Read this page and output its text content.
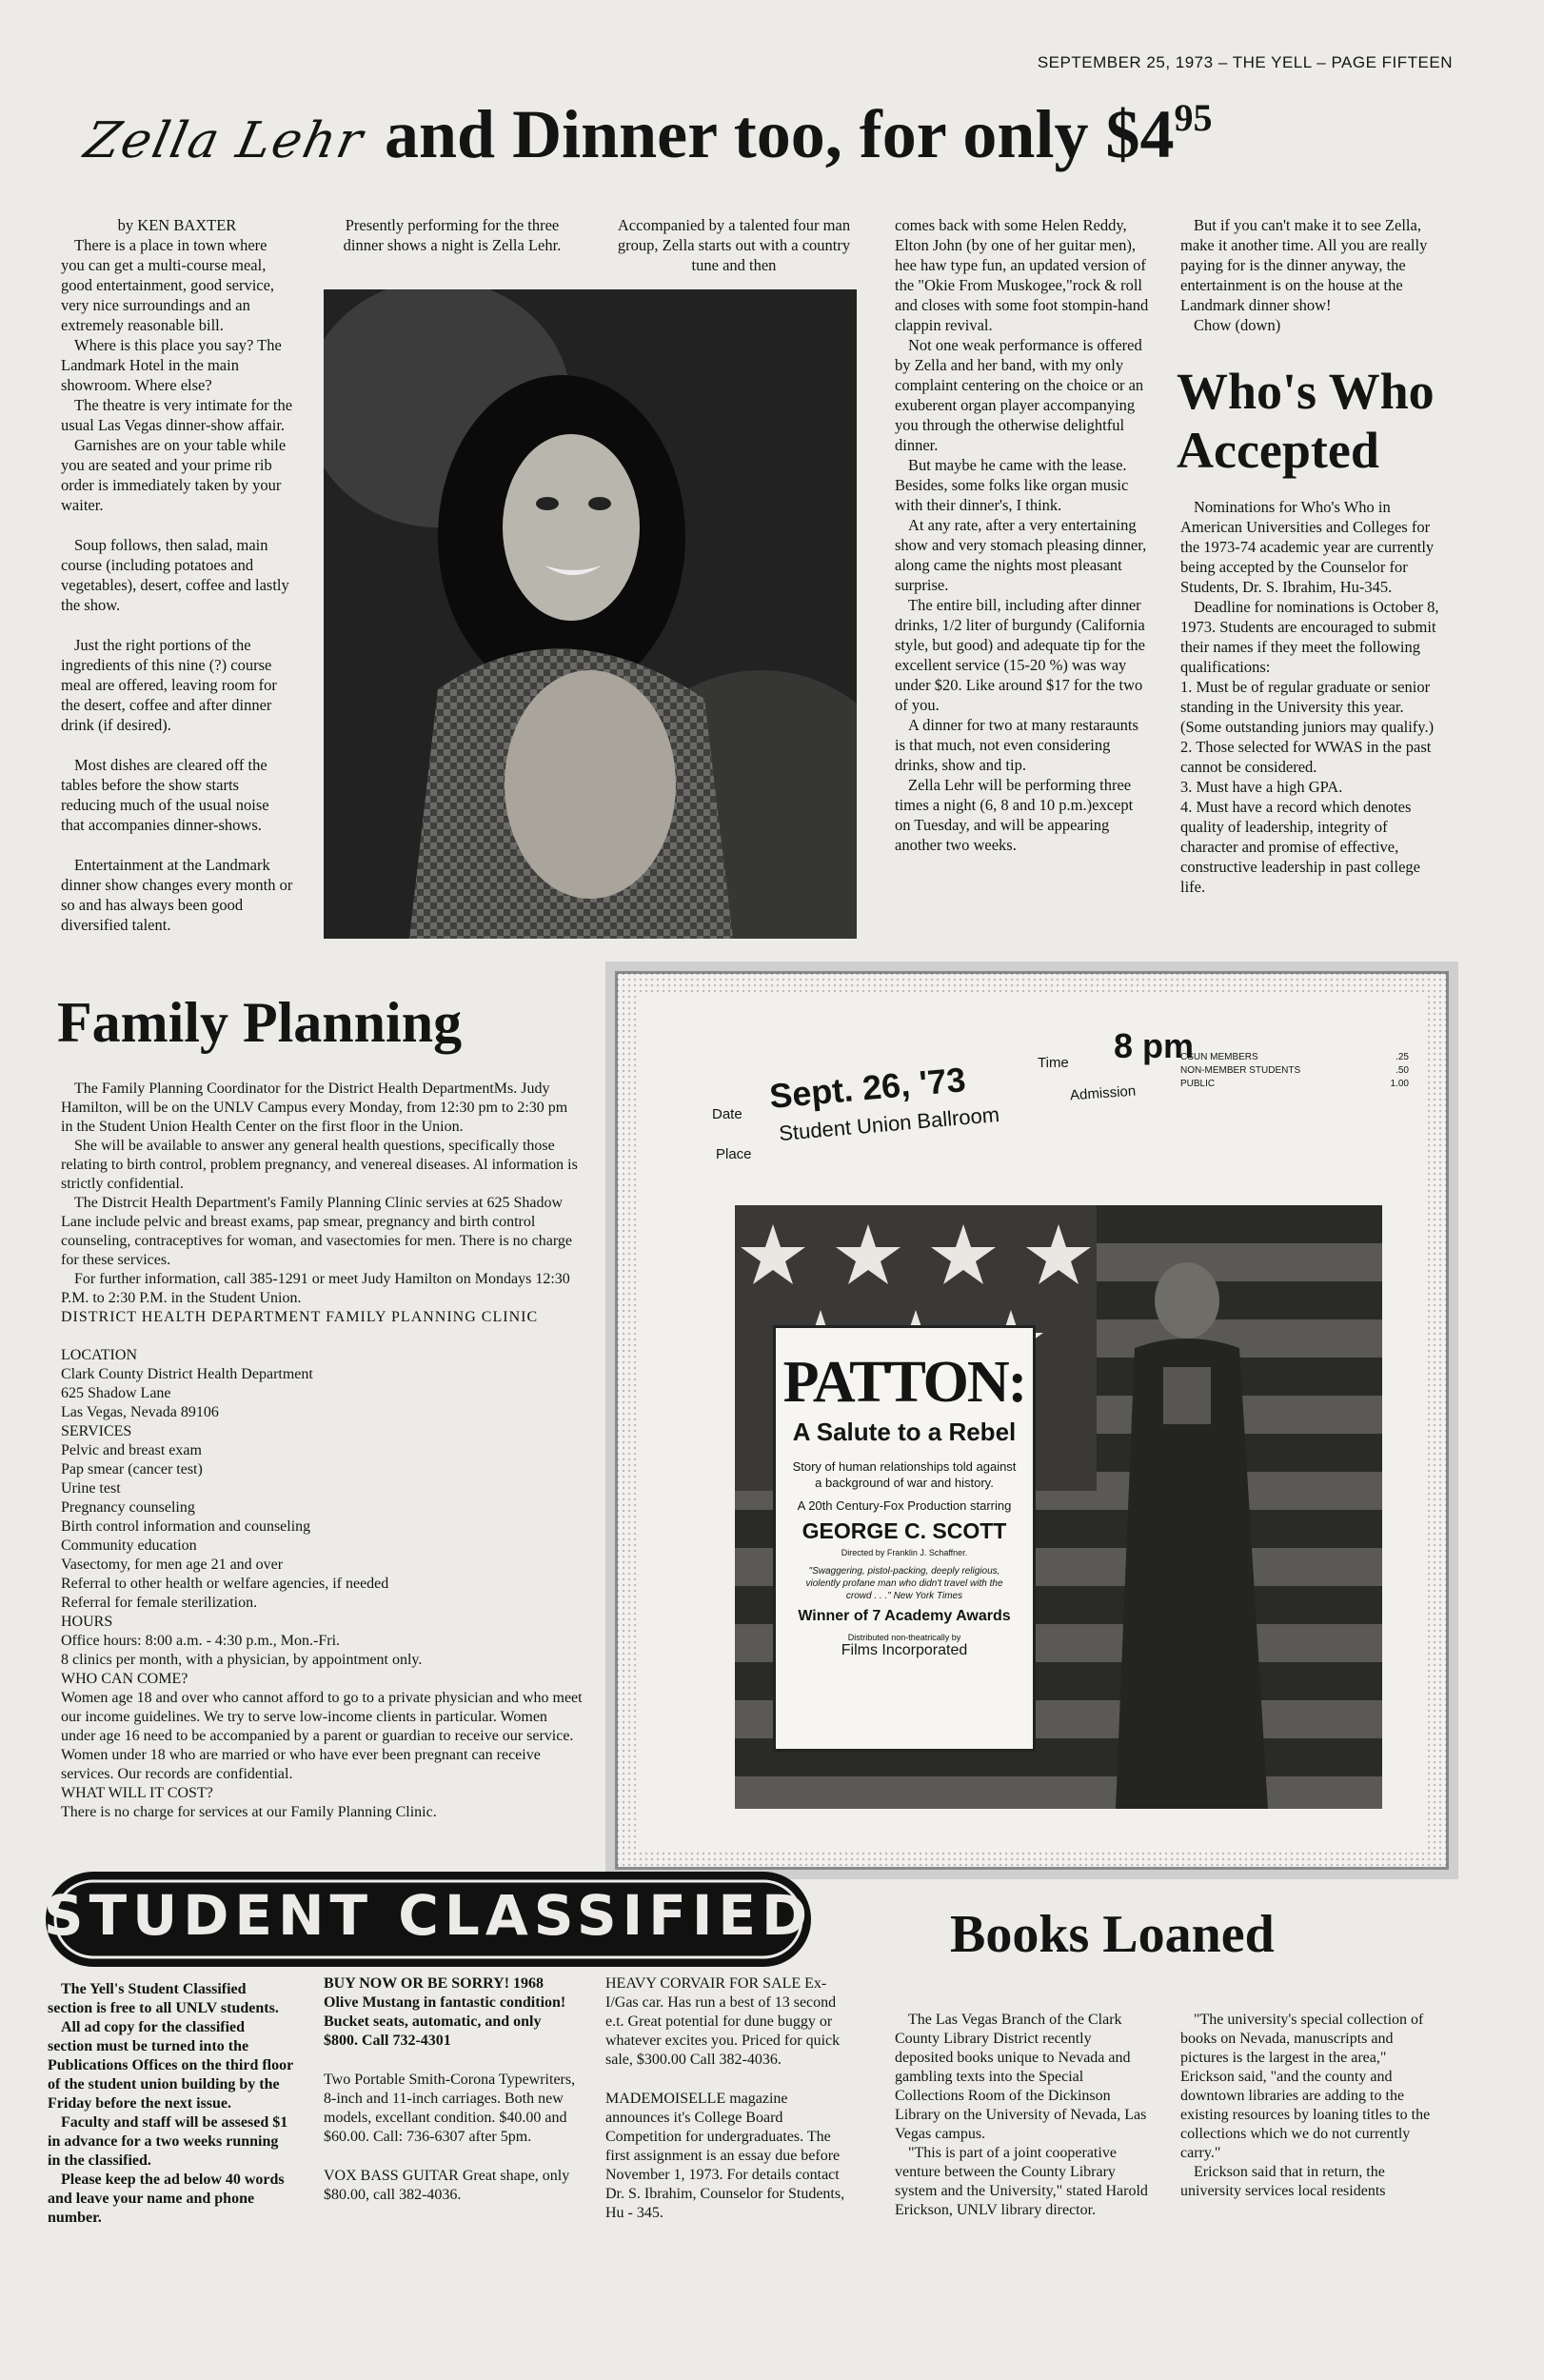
SEPTEMBER 25, 1973 – THE YELL – PAGE FIFTEEN
Zella Lehr and Dinner too, for only $\$4^{95}$

by KEN BAXTER

There is a place in town where you can get a multi-course meal, good entertainment, good service, very nice surroundings and an extremely reasonable bill.

Where is this place you say? The Landmark Hotel in the main showroom. Where else?

The theatre is very intimate for the usual Las Vegas dinner-show affair.

Garnishes are on your table while you are seated and your prime rib order is immediately taken by your waiter.

Soup follows, then salad, main course (including potatoes and vegetables), desert, coffee and lastly the show.

Just the right portions of the ingredients of this nine (?) course meal are offered, leaving room for the desert, coffee and after dinner drink (if desired).

Most dishes are cleared off the tables before the show starts reducing much of the usual noise that accompanies dinner-shows.

Entertainment at the Landmark dinner show changes every month or so and has always been good diversified talent.

Presently performing for the three dinner shows a night is Zella Lehr.

Accompanied by a talented four man group, Zella starts out with a country tune and then

comes back with some Helen Reddy, Elton John (by one of her guitar men), hee haw type fun, an updated version of the "Okie From Muskogee,"rock & roll and closes with some foot stompin-hand clappin revival.

Not one weak performance is offered by Zella and her band, with my only complaint centering on the choice or an exuberent organ player accompanying you through the otherwise delightful dinner.

But maybe he came with the lease. Besides, some folks like organ music with their dinner's, I think.

At any rate, after a very entertaining show and very stomach pleasing dinner, along came the nights most pleasant surprise.

The entire bill, including after dinner drinks, 1/2 liter of burgundy (California style, but good) and adequate tip for the excellent service (15-20 %) was way under $20. Like around $17 for the two of you.

A dinner for two at many restaraunts is that much, not even considering drinks, show and tip.

Zella Lehr will be performing three times a night (6, 8 and 10 p.m.)except on Tuesday, and will be appearing another two weeks.

But if you can't make it to see Zella, make it another time. All you are really paying for is the dinner anyway, the entertainment is on the house at the Landmark dinner show!

Chow (down)

Who's Who
Accepted

Nominations for Who's Who in American Universities and Colleges for the 1973-74 academic year are currently being accepted by the Counselor for Students, Dr. S. Ibrahim, Hu-345.

Deadline for nominations is October 8, 1973. Students are encouraged to submit their names if they meet the following qualifications:

1. Must be of regular graduate or senior standing in the University this year. (Some outstanding juniors may qualify.)

2. Those selected for WWAS in the past cannot be considered.

3. Must have a high GPA.

4. Must have a record which denotes quality of leadership, integrity of character and promise of effective, constructive leadership in past college life.

Family Planning

The Family Planning Coordinator for the District Health DepartmentMs. Judy Hamilton, will be on the UNLV Campus every Monday, from 12:30 pm to 2:30 pm in the Student Union Health Center on the first floor in the Union.

She will be available to answer any general health questions, specifically those relating to birth control, problem pregnancy, and venereal diseases. Al information is strictly confidential.

The Distrcit Health Department's Family Planning Clinic servies at 625 Shadow Lane include pelvic and breast exams, pap smear, pregnancy and birth control counseling, contraceptives for woman, and vasectomies for men. There is no charge for these services.

For further information, call 385-1291 or meet Judy Hamilton on Mondays 12:30 P.M. to 2:30 P.M. in the Student Union.

DISTRICT HEALTH DEPARTMENT FAMILY PLANNING CLINIC

LOCATION

Clark County District Health Department

625 Shadow Lane

Las Vegas, Nevada 89106

SERVICES

Pelvic and breast exam

Pap smear (cancer test)

Urine test

Pregnancy counseling

Birth control information and counseling

Community education

Vasectomy, for men age 21 and over

Referral to other health or welfare agencies, if needed

Referral for female sterilization.

HOURS

Office hours: 8:00 a.m. - 4:30 p.m., Mon.-Fri.

8 clinics per month, with a physician, by appointment only.

WHO CAN COME?

Women age 18 and over who cannot afford to go to a private physician and who meet our income guidelines. We try to serve low-income clients in particular. Women under age 16 need to be accompanied by a parent or guardian to receive our service. Women under 18 who are married or who have ever been pregnant can receive services. Our records are confidential.

WHAT WILL IT COST?

There is no charge for services at our Family Planning Clinic.

Date Sept. 26, '73	Time 8 pm
Place
Student Union Ballroom
Admission
CSUN MEMBERS	.25
NON-MEMBER STUDENTS	.50
PUBLIC	1.00
PATTON:
A Salute to a Rebel
Story of human relationships told against a background of war and history.
A 20th Century-Fox Production starring
GEORGE C. SCOTT
Directed by Franklin J. Schaffner.
"Swaggering, pistol-packing, deeply religious, violently profane man who didn't travel with the crowd . . ." New York Times
Winner of 7 Academy Awards
Distributed non-theatrically by
Films Incorporated
STUDENT CLASSIFIED

The Yell's Student Classified section is free to all UNLV students.

All ad copy for the classified section must be turned into the Publications Offices on the third floor of the student union building by the Friday before the next issue.

Faculty and staff will be assesed $1 in advance for a two weeks running in the classified.

Please keep the ad below 40 words and leave your name and phone number.

BUY NOW OR BE SORRY! 1968 Olive Mustang in fantastic condition! Bucket seats, automatic, and only $800. Call 732-4301

Two Portable Smith-Corona Typewriters, 8-inch and 11-inch carriages. Both new models, excellant condition. $40.00 and $60.00. Call: 736-6307 after 5pm.

VOX BASS GUITAR Great shape, only $80.00, call 382-4036.

HEAVY CORVAIR FOR SALE Ex-I/Gas car. Has run a best of 13 second e.t. Great potential for dune buggy or whatever excites you. Priced for quick sale, $300.00 Call 382-4036.

MADEMOISELLE magazine announces it's College Board Competition for undergraduates. The first assignment is an essay due before November 1, 1973. For details contact Dr. S. Ibrahim, Counselor for Students, Hu - 345.

Books Loaned

The Las Vegas Branch of the Clark County Library District recently deposited books unique to Nevada and gambling texts into the Special Collections Room of the Dickinson Library on the University of Nevada, Las Vegas campus.

"This is part of a joint cooperative venture between the County Library system and the University," stated Harold Erickson, UNLV library director.

"The university's special collection of books on Nevada, manuscripts and pictures is the largest in the area," Erickson said, "and the county and downtown libraries are adding to the existing resources by loaning titles to the collections which we do not currently carry."

Erickson said that in return, the university services local residents
